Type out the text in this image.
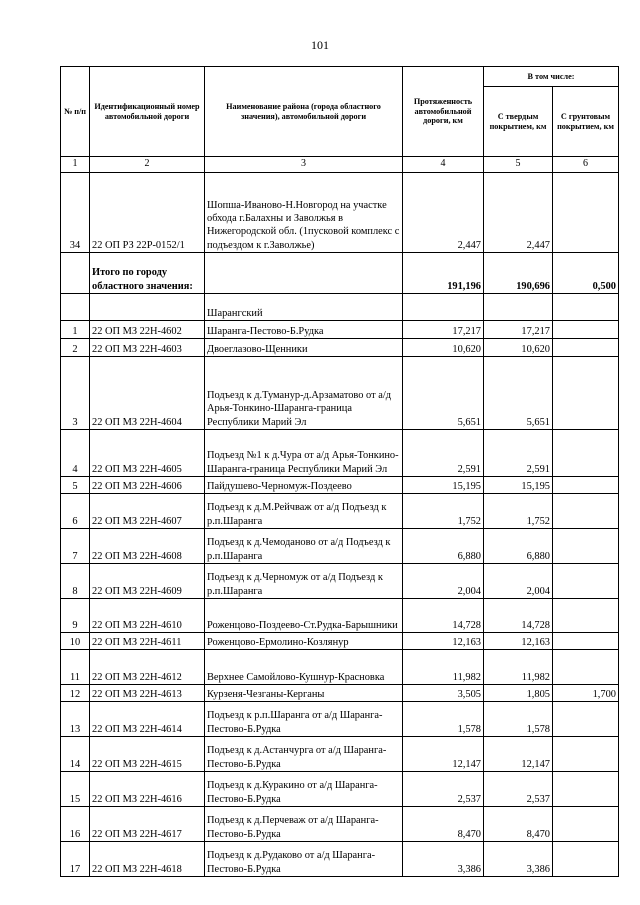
101
№ п/п	Идентификационный номер автомобильной дороги	Наименование района (города областного значения), автомобильной дороги	Протяженность автомобильной дороги, км	В том числе:	
				С твердым покрытием, км	С грунтовым покрытием, км
1	2	3	4	5	6
34	22 ОП РЗ 22Р-0152/1	Шопша-Иваново-Н.Новгород на участке обхода г.Балахны и Заволжья в Нижегородской обл. (1пусковой комплекс с подъездом к г.Заволжье)	2,447	2,447	
	Итого по городу областного значения:		191,196	190,696	0,500
		Шарангский			
1	22 ОП МЗ 22Н-4602	Шаранга-Пестово-Б.Рудка	17,217	17,217	
2	22 ОП МЗ 22Н-4603	Двоеглазово-Щенники	10,620	10,620	
3	22 ОП МЗ 22Н-4604	Подъезд к д.Тумануp-д.Арзаматово от а/д Арья-Тонкино-Шаранга-граница Республики Марий Эл	5,651	5,651	
4	22 ОП МЗ 22Н-4605	Подъезд №1 к д.Чура от а/д Арья-Тонкино-Шаранга-граница Республики Марий Эл	2,591	2,591	
5	22 ОП МЗ 22Н-4606	Пайдушево-Черномуж-Поздеево	15,195	15,195	
6	22 ОП МЗ 22Н-4607	Подъезд к д.М.Рейчваж от а/д Подъезд к р.п.Шаранга	1,752	1,752	
7	22 ОП МЗ 22Н-4608	Подъезд к д.Чемоданово от а/д Подъезд к р.п.Шаранга	6,880	6,880	
8	22 ОП МЗ 22Н-4609	Подъезд к д.Черномуж от а/д Подъезд к р.п.Шаранга	2,004	2,004	
9	22 ОП МЗ 22Н-4610	Роженцово-Поздеево-Ст.Рудка-Барышники	14,728	14,728	
10	22 ОП МЗ 22Н-4611	Роженцово-Ермолино-Козлянур	12,163	12,163	
11	22 ОП МЗ 22Н-4612	Верхнее Самойлово-Кушнур-Красновка	11,982	11,982	
12	22 ОП МЗ 22Н-4613	Курзеня-Чезганы-Керганы	3,505	1,805	1,700
13	22 ОП МЗ 22Н-4614	Подъезд к р.п.Шаранга от а/д Шаранга-Пестово-Б.Рудка	1,578	1,578	
14	22 ОП МЗ 22Н-4615	Подъезд к д.Астанчурга от а/д Шаранга-Пестово-Б.Рудка	12,147	12,147	
15	22 ОП МЗ 22Н-4616	Подъезд к д.Куракино от а/д Шаранга-Пестово-Б.Рудка	2,537	2,537	
16	22 ОП МЗ 22Н-4617	Подъезд к д.Перчеваж от а/д Шаранга-Пестово-Б.Рудка	8,470	8,470	
17	22 ОП МЗ 22Н-4618	Подъезд к д.Рудаково от а/д Шаранга-Пестово-Б.Рудка	3,386	3,386	
